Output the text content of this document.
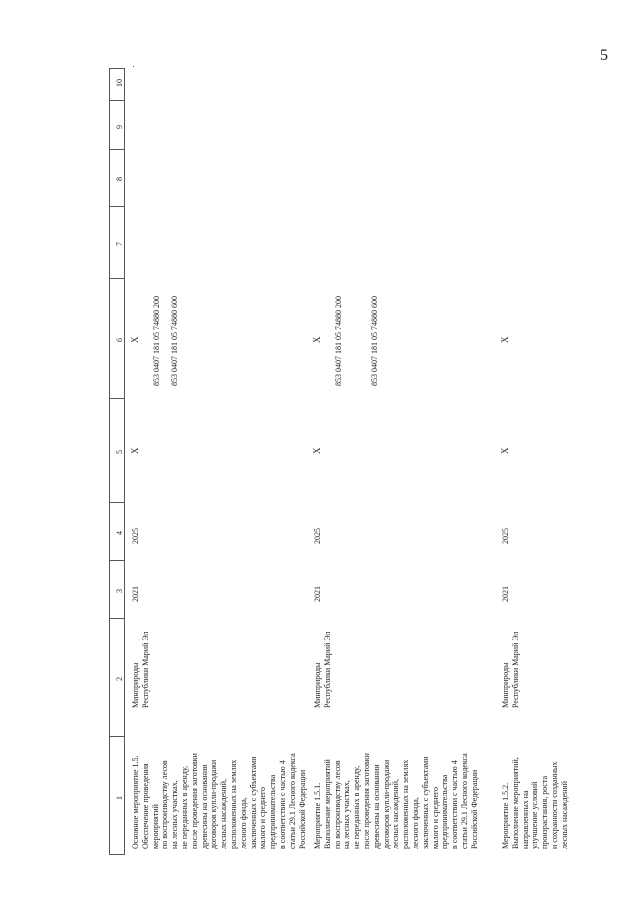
5
1
2
3
4
5
6
7
8
9
10
Основное мероприятие 1.5. Обеспечение проведения мероприятий по воспроизводству лесов на лесных участках, не переданных в аренду, после проведения заготовки древесины на основании договоров купли-продажи лесных насаждений, расположенных на землях лесного фонда, заключенных с субъектами малого и среднего предпринимательства в соответствии с частью 4 статьи 29.1 Лесного кодекса Российской Федерации
Минприроды Республики Марий Эл
2021
2025
X
X 853 0407 181 05 74880 200 853 0407 181 05 74880 600
Мероприятие 1.5.1. Выполнение мероприятий по воспроизводству лесов на лесных участках, не переданных в аренду, после проведения заготовки древесины на основании договоров купли-продажи лесных насаждений, расположенных на землях лесного фонда, заключенных с субъектами малого и среднего предпринимательства в соответствии с частью 4 статьи 29.1 Лесного кодекса Российской Федерации
Минприроды Республики Марий Эл
2021
2025
X
X 853 0407 181 05 74880 200	853 0407 181 05 74880 600
Мероприятие 1.5.2. Выполнение мероприятий, направленных на улучшение условий произрастания, роста и сохранности созданных лесных насаждений
Минприроды Республики Марий Эл
2021
2025
X
X
